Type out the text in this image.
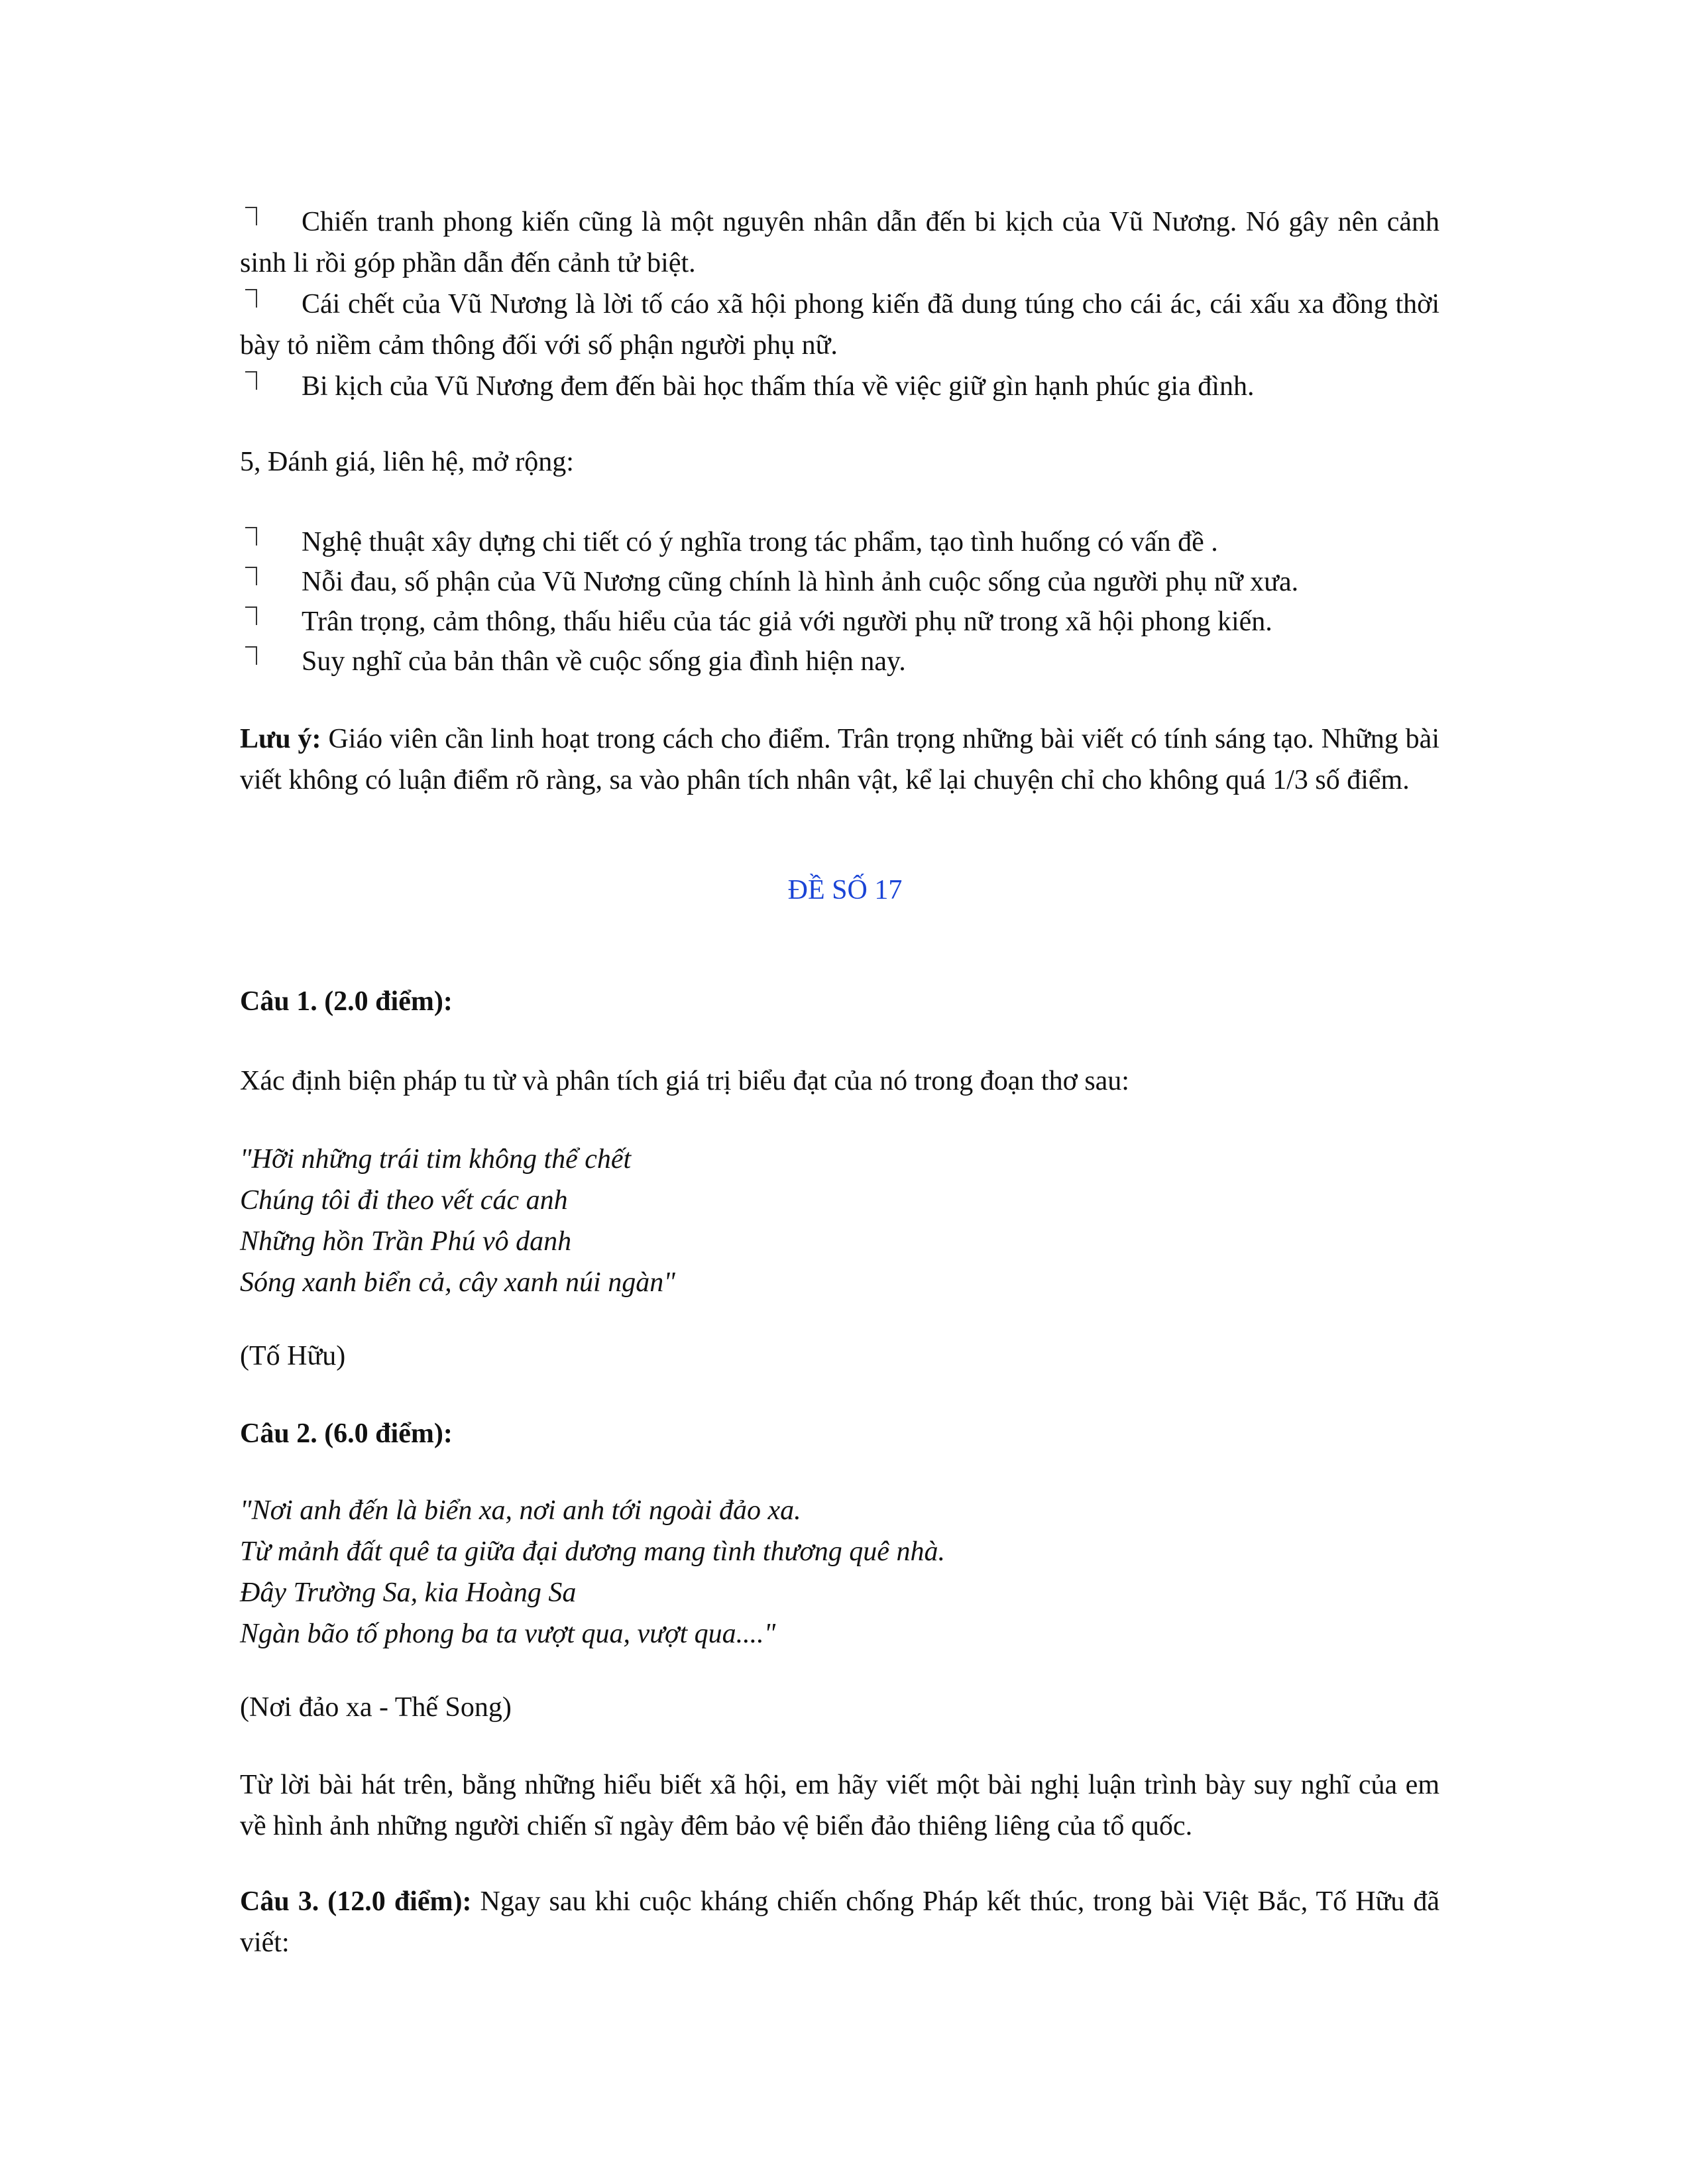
Chiến tranh phong kiến cũng là một nguyên nhân dẫn đến bi kịch của Vũ Nương. Nó gây nên cảnh sinh li rồi góp phần dẫn đến cảnh tử biệt.
Cái chết của Vũ Nương là lời tố cáo xã hội phong kiến đã dung túng cho cái ác, cái xấu xa đồng thời bày tỏ niềm cảm thông đối với số phận người phụ nữ.
Bi kịch của Vũ Nương đem đến bài học thấm thía về việc giữ gìn hạnh phúc gia đình.
5, Đánh giá, liên hệ, mở rộng:
Nghệ thuật xây dựng chi tiết có ý nghĩa trong tác phẩm, tạo tình huống có vấn đề .
Nỗi đau, số phận của Vũ Nương cũng chính là hình ảnh cuộc sống của người phụ nữ xưa.
Trân trọng, cảm thông, thấu hiểu của tác giả với người phụ nữ trong xã hội phong kiến.
Suy nghĩ của bản thân về cuộc sống gia đình hiện nay.
Lưu ý: Giáo viên cần linh hoạt trong cách cho điểm. Trân trọng những bài viết có tính sáng tạo. Những bài viết không có luận điểm rõ ràng, sa vào phân tích nhân vật, kể lại chuyện chỉ cho không quá 1/3 số điểm.
ĐỀ SỐ 17
Câu 1. (2.0 điểm):
Xác định biện pháp tu từ và phân tích giá trị biểu đạt của nó trong đoạn thơ sau:
"Hỡi những trái tim không thể chết
Chúng tôi đi theo vết các anh
Những hồn Trần Phú vô danh
Sóng xanh biển cả, cây xanh núi ngàn"
(Tố Hữu)
Câu 2. (6.0 điểm):
"Nơi anh đến là biển xa, nơi anh tới ngoài đảo xa.
Từ mảnh đất quê ta giữa đại dương mang tình thương quê nhà.
Đây Trường Sa, kia Hoàng Sa
Ngàn bão tố phong ba ta vượt qua, vượt qua...."
(Nơi đảo xa - Thế Song)
Từ lời bài hát trên, bằng những hiểu biết xã hội, em hãy viết một bài nghị luận trình bày suy nghĩ của em về hình ảnh những người chiến sĩ ngày đêm bảo vệ biển đảo thiêng liêng của tổ quốc.
Câu 3. (12.0 điểm): Ngay sau khi cuộc kháng chiến chống Pháp kết thúc, trong bài Việt Bắc, Tố Hữu đã viết:
